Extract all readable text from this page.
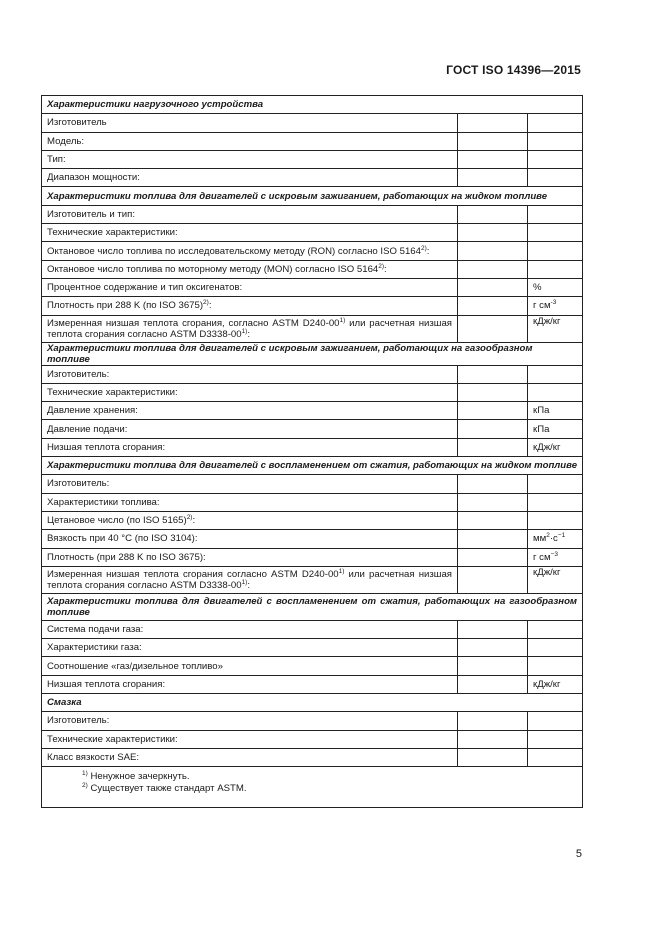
ГОСТ ISO 14396—2015
Характеристики нагрузочного устройства		
Изготовитель		
Модель:		
Тип:		
Диапазон мощности:		
Характеристики топлива для двигателей с искровым зажиганием, работающих на жидком топливе		
Изготовитель и тип:		
Технические характеристики:		
Октановое число топлива по исследовательскому методу (RON) согласно ISO 5164$^{2)}$:		
Октановое число топлива по моторному методу (MON) согласно ISO 5164$^{2)}$:		
Процентное содержание и тип оксигенатов:		%
Плотность при 288 K (по ISO 3675)$^{2)}$:		г $см^{-3}$
Измеренная низшая теплота сгорания, согласно ASTM D240-00$^{1)}$ или расчетная низшая теплота сгорания согласно ASTM D3338-00$^{1)}$:		кДж/кг
Характеристики топлива для двигателей с искровым зажиганием, работающих на газообразном топливе		
Изготовитель:		
Технические характеристики:		
Давление хранения:		кПа
Давление подачи:		кПа
Низшая теплота сгорания:		кДж/кг
Характеристики топлива для двигателей с воспламенением от сжатия, работающих на жидком топливе		
Изготовитель:		
Характеристики топлива:		
Цетановое число (по ISO 5165)$^{2)}$:		
Вязкость при 40 °С (по ISO 3104):		$мм^2\cdot с^{-1}$
Плотность (при 288 K по ISO 3675):		г $см^{-3}$
Измеренная низшая теплота сгорания согласно ASTM D240-00$^{1)}$ или расчетная низшая теплота сгорания согласно ASTM D3338-00$^{1)}$:		кДж/кг
Характеристики топлива для двигателей с воспламенением от сжатия, работающих на газообразном топливе		
Система подачи газа:		
Характеристики газа:		
Соотношение «газ/дизельное топливо»		
Низшая теплота сгорания:		кДж/кг
Смазка		
Изготовитель:		
Технические характеристики:		
Класс вязкости SAE:		

$^{1)}$ Ненужное зачеркнуть.
$^{2)}$ Существует также стандарт ASTM.		
5
